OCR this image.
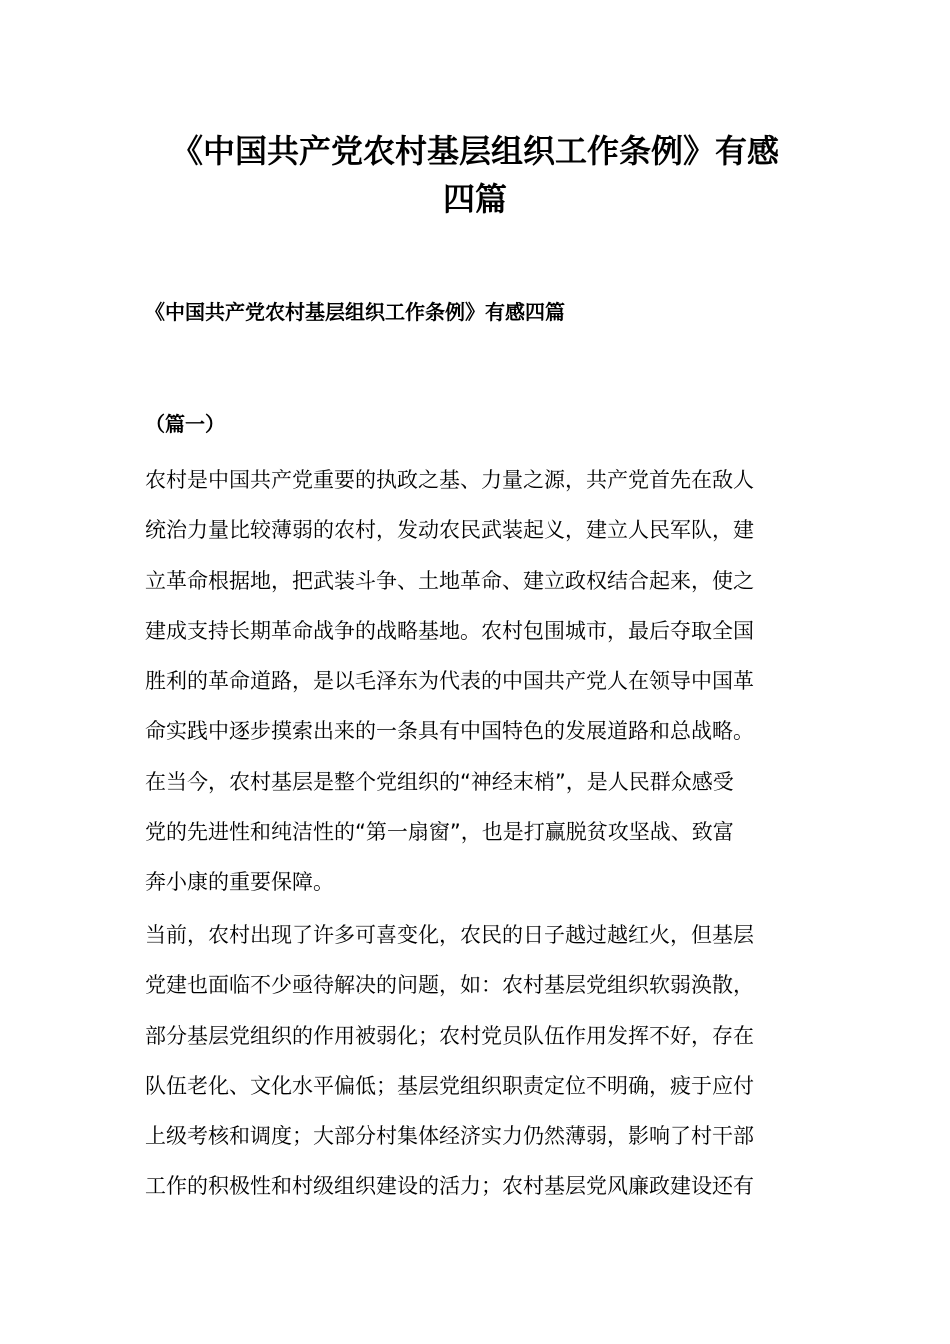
《中国共产党农村基层组织工作条例》有感
四篇
《中国共产党农村基层组织工作条例》有感四篇
（篇一）

农村是中国共产党重要的执政之基、力量之源，共产党首先在敌人
统治力量比较薄弱的农村，发动农民武装起义，建立人民军队，建
立革命根据地，把武装斗争、土地革命、建立政权结合起来，使之
建成支持长期革命战争的战略基地。农村包围城市，最后夺取全国
胜利的革命道路，是以毛泽东为代表的中国共产党人在领导中国革
命实践中逐步摸索出来的一条具有中国特色的发展道路和总战略。
在当今，农村基层是整个党组织的“神经末梢”，是人民群众感受
党的先进性和纯洁性的“第一扇窗”，也是打赢脱贫攻坚战、致富
奔小康的重要保障。

当前，农村出现了许多可喜变化，农民的日子越过越红火，但基层
党建也面临不少亟待解决的问题，如：农村基层党组织软弱涣散，
部分基层党组织的作用被弱化；农村党员队伍作用发挥不好，存在
队伍老化、文化水平偏低；基层党组织职责定位不明确，疲于应付
上级考核和调度；大部分村集体经济实力仍然薄弱，影响了村干部
工作的积极性和村级组织建设的活力；农村基层党风廉政建设还有
